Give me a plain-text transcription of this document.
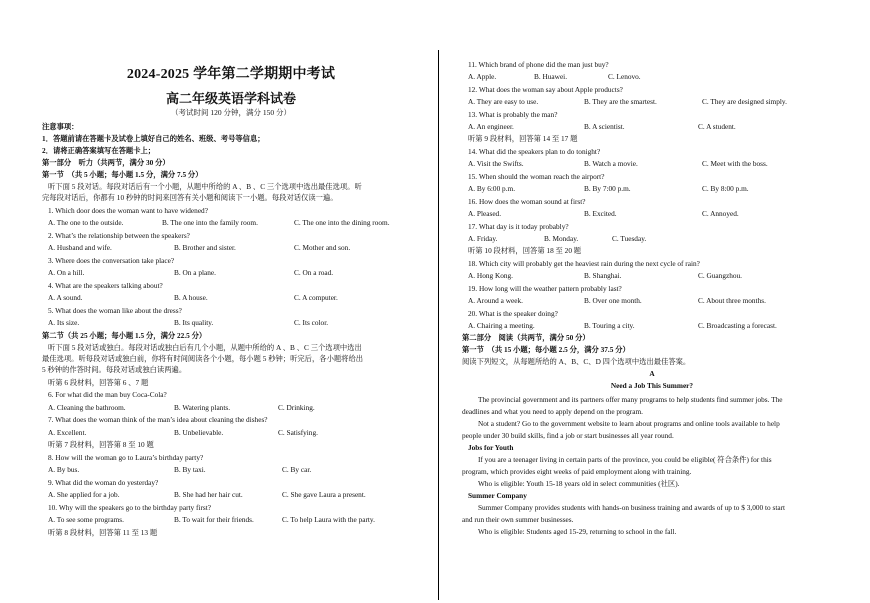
2024-2025 学年第二学期期中考试
高二年级英语学科试卷
（考试时间 120 分钟，满分 150 分）
注意事项：
1．答题前请在答题卡及试卷上填好自己的姓名、班级、考号等信息；
2．请将正确答案填写在答题卡上；
第一部分　听力（共两节，满分 30 分）
第一节　（共 5 小题；每小题 1.5 分，满分 7.5 分）
听下面 5 段对话。每段对话后有一个小题，从题中所给的 A 、B 、C 三个选项中选出最佳选项。听
完每段对话后，你都有 10 秒钟的时间来回答有关小题和阅读下一小题。每段对话仅读一遍。
1. Which door does the woman want to have widened?
A. The one to the outside.	B. The one into the family room.	C. The one into the dining room.
2. What’s the relationship between the speakers?
A. Husband and wife.	B. Brother and sister.	C. Mother and son.
3. Where does the conversation take place?
A. On a hill.	B. On a plane.	C. On a road.
4. What are the speakers talking about?
A. A sound.	B. A house.	C. A computer.
5. What does the woman like about the dress?
A. Its size.	B. Its quality.	C. Its color.
第二节（共 25 小题；每小题 1.5 分，满分 22.5 分）
听下面 5 段对话或独白。每段对话或独白后有几个小题，从题中所给的 A 、B 、C 三个选项中选出
最佳选项。听每段对话或独白前，你将有时间阅读各个小题，每小题 5 秒钟；听完后，各小题将给出
5 秒钟的作答时间。每段对话或独白读两遍。
听第 6 段材料，回答第 6 、7 题
6. For what did the man buy Coca-Cola?
A. Cleaning the bathroom.	B. Watering plants.	C. Drinking.
7. What does the woman think of the man’s idea about cleaning the dishes?
A. Excellent.	B. Unbelievable.	C. Satisfying.
听第 7 段材料，回答第 8 至 10 题
8. How will the woman go to Laura’s birthday party?
A. By bus.	B. By taxi.	C. By car.
9. What did the woman do yesterday?
A. She applied for a job.	B. She had her hair cut.	C. She gave Laura a present.
10. Why will the speakers go to the birthday party first?
A. To see some programs.	B. To wait for their friends.	C. To help Laura with the party.
听第 8 段材料，回答第 11 至 13 题
11. Which brand of phone did the man just buy?
A. Apple.	B. Huawei.	C. Lenovo.
12. What does the woman say about Apple products?
A. They are easy to use.	B. They are the smartest.	C. They are designed simply.
13. What is probably the man?
A. An engineer.	B. A scientist.	C. A student.
听第 9 段材料，回答第 14 至 17 题
14. What did the speakers plan to do tonight?
A. Visit the Swifts.	B. Watch a movie.	C. Meet with the boss.
15. When should the woman reach the airport?
A. By 6:00 p.m.	B. By 7:00 p.m.	C. By 8:00 p.m.
16. How does the woman sound at first?
A. Pleased.	B. Excited.	C. Annoyed.
17. What day is it today probably?
A. Friday.	B. Monday.	C. Tuesday.
听第 10 段材料，回答第 18 至 20 题
18. Which city will probably get the heaviest rain during the next cycle of rain?
A. Hong Kong.	B. Shanghai.	C. Guangzhou.
19. How long will the weather pattern probably last?
A. Around a week.	B. Over one month.	C. About three months.
20. What is the speaker doing?
A. Chairing a meeting.	B. Touring a city.	C. Broadcasting a forecast.
第二部分　阅读（共两节，满分 50 分）
第一节　（共 15 小题；每小题 2.5 分，满分 37.5 分）
阅读下列短文，从每题所给的 A、B、C、D 四个选项中选出最佳答案。
A
Need a Job This Summer?
The provincial government and its partners offer many programs to help students find summer jobs. The
deadlines and what you need to apply depend on the program.
Not a student? Go to the government website to learn about programs and online tools available to help
people under 30 build skills, find a job or start businesses all year round.
Jobs for Youth
If you are a teenager living in certain parts of the province, you could be eligible( 符合条件) for this
program, which provides eight weeks of paid employment along with training.
Who is eligible: Youth 15-18 years old in select communities (社区).
Summer Company
Summer Company provides students with hands-on business training and awards of up to $ 3,000 to start
and run their own summer businesses.
Who is eligible: Students aged 15-29, returning to school in the fall.
